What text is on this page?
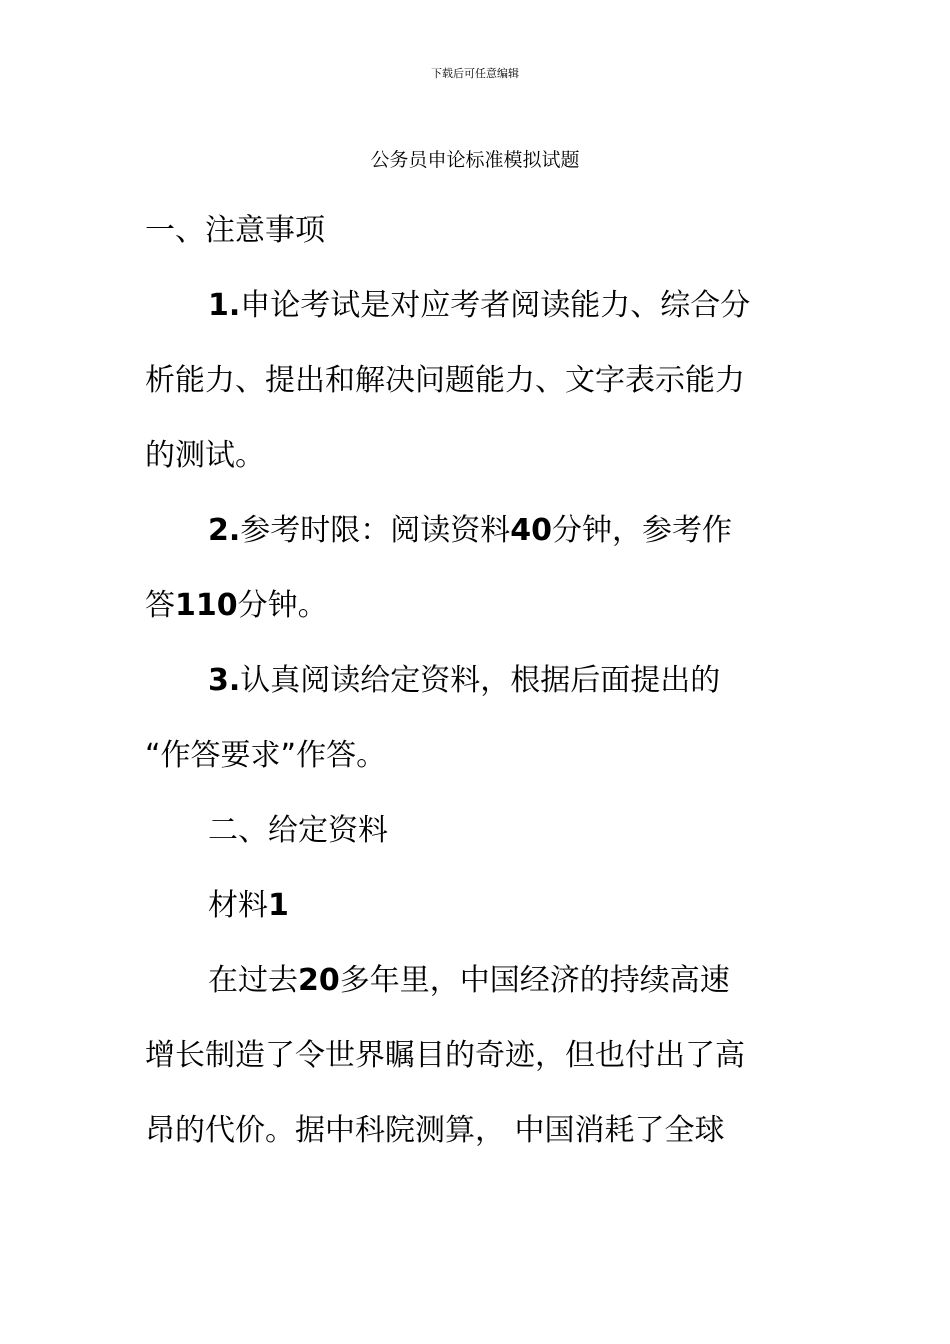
下载后可任意编辑
公务员申论标准模拟试题

一、注意事项

1.申论考试是对应考者阅读能力、综合分

析能力、提出和解决问题能力、文字表示能力

的测试。

2.参考时限：阅读资料40分钟，参考作

答110分钟。

3.认真阅读给定资料，根据后面提出的

“作答要求”作答。

二、给定资料

材料1

在过去20多年里，中国经济的持续高速

增长制造了令世界瞩目的奇迹，但也付出了高

昂的代价。据中科院测算， 中国消耗了全球
